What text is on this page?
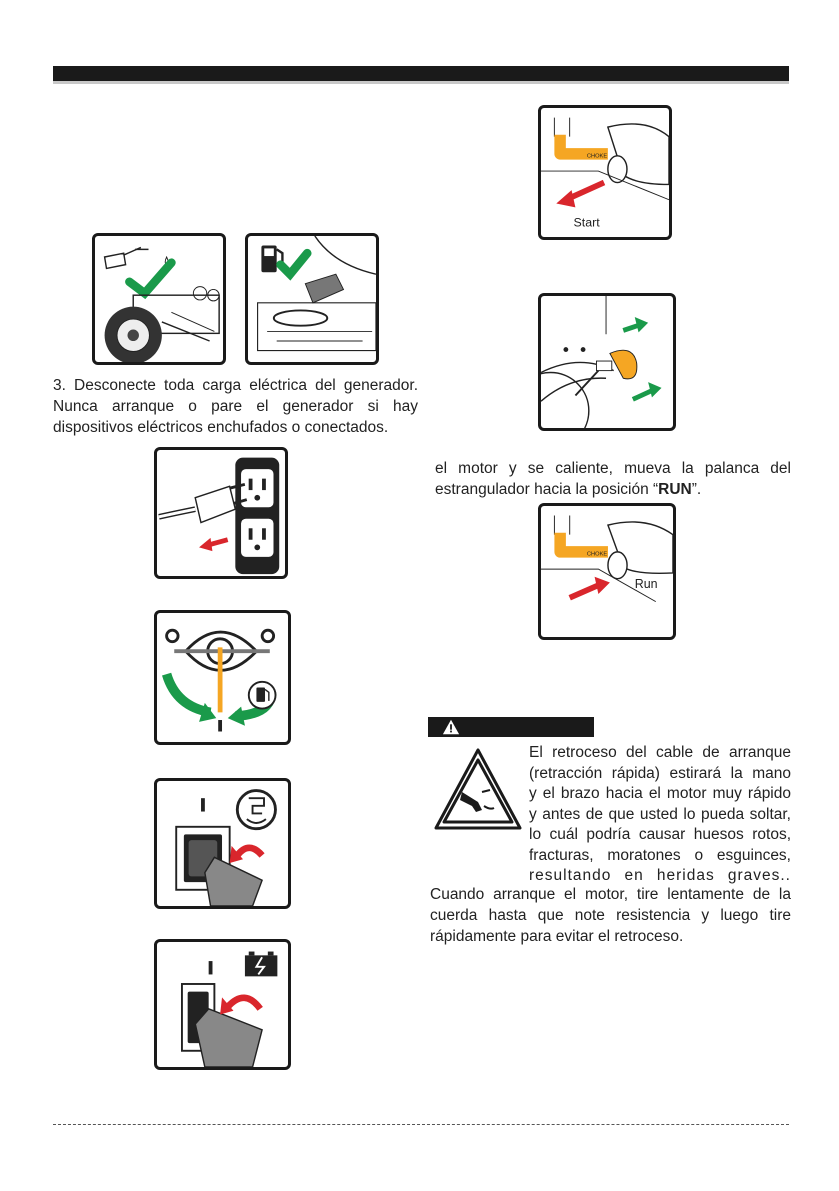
3. Desconecte toda carga eléctrica del generador.
Nunca arranque o pare el generador si hay
dispositivos eléctricos enchufados o conectados.
CHOKE
Start
el motor y se caliente, mueva la palanca del
estrangulador hacia la posición “RUN”.
CHOKE
Run
El retroceso del cable de arranque
(retracción rápida) estirará la mano
y el brazo hacia el motor muy rápido
y antes de que usted lo pueda soltar,
lo cuál podría causar huesos rotos,
fracturas, moratones o esguinces,
resultando en heridas graves..
Cuando arranque el motor, tire lentamente de la
cuerda hasta que note resistencia y luego tire
rápidamente para evitar el retroceso.
